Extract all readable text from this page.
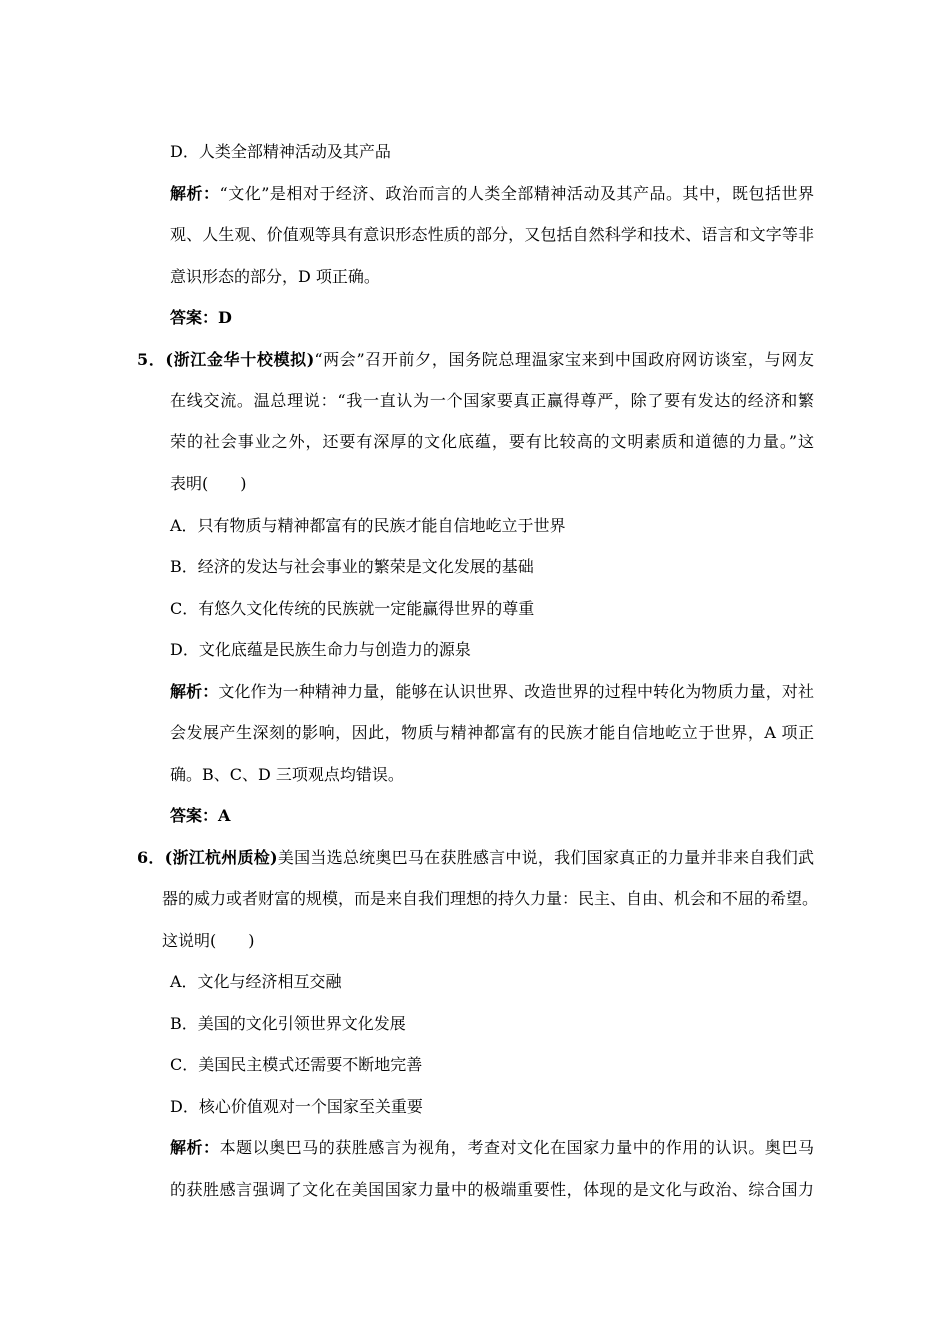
D．人类全部精神活动及其产品
解析：“文化”是相对于经济、政治而言的人类全部精神活动及其产品。其中，既包括世界
观、人生观、价值观等具有意识形态性质的部分，又包括自然科学和技术、语言和文字等非
意识形态的部分，D 项正确。
答案：D
5．(浙江金华十校模拟)“两会”召开前夕，国务院总理温家宝来到中国政府网访谈室，与网友
在线交流。温总理说：“我一直认为一个国家要真正赢得尊严，除了要有发达的经济和繁
荣的社会事业之外，还要有深厚的文化底蕴，要有比较高的文明素质和道德的力量。”这
表明(　　)
A．只有物质与精神都富有的民族才能自信地屹立于世界
B．经济的发达与社会事业的繁荣是文化发展的基础
C．有悠久文化传统的民族就一定能赢得世界的尊重
D．文化底蕴是民族生命力与创造力的源泉
解析：文化作为一种精神力量，能够在认识世界、改造世界的过程中转化为物质力量，对社
会发展产生深刻的影响，因此，物质与精神都富有的民族才能自信地屹立于世界，A 项正
确。B、C、D 三项观点均错误。
答案：A
6．(浙江杭州质检)美国当选总统奥巴马在获胜感言中说，我们国家真正的力量并非来自我们武
器的威力或者财富的规模，而是来自我们理想的持久力量：民主、自由、机会和不屈的希望。
这说明(　　)
A．文化与经济相互交融
B．美国的文化引领世界文化发展
C．美国民主模式还需要不断地完善
D．核心价值观对一个国家至关重要
解析：本题以奥巴马的获胜感言为视角，考查对文化在国家力量中的作用的认识。奥巴马
的获胜感言强调了文化在美国国家力量中的极端重要性，体现的是文化与政治、综合国力
